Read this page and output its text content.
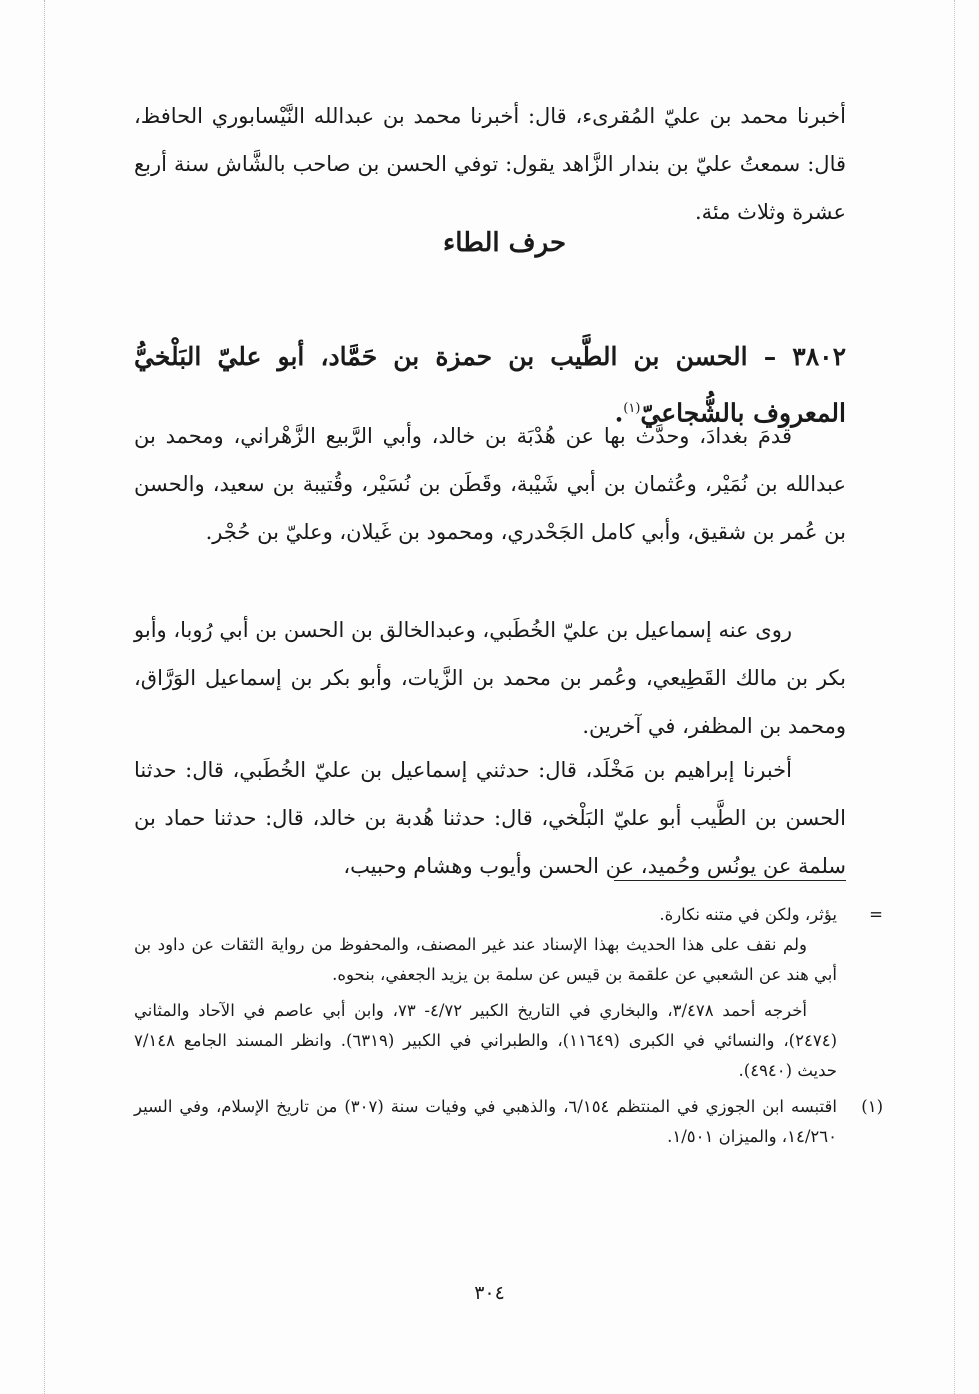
أخبرنا محمد بن عليّ المُقرىء، قال: أخبرنا محمد بن عبدالله النَّيْسابوري الحافظ، قال: سمعتُ عليّ بن بندار الزَّاهد يقول: توفي الحسن بن صاحب بالشَّاش سنة أربع عشرة وثلاث مئة.

حرف الطاء

٣٨٠٢ – الحسن بن الطَّيب بن حمزة بن حَمَّاد، أبو عليّ البَلْخيُّ المعروف بالشُّجاعيّ$^{(١)}$.

قدمَ بغدادَ، وحدَّث بها عن هُدْبَة بن خالد، وأبي الرَّبيع الزَّهْراني، ومحمد بن عبدالله بن نُمَيْر، وعُثمان بن أبي شَيْبة، وقَطَن بن نُسَيْر، وقُتيبة بن سعيد، والحسن بن عُمر بن شقيق، وأبي كامل الجَحْدري، ومحمود بن غَيلان، وعليّ بن حُجْر.

روى عنه إسماعيل بن عليّ الخُطَبي، وعبدالخالق بن الحسن بن أبي رُوبا، وأبو بكر بن مالك القَطِيعي، وعُمر بن محمد بن الزَّيات، وأبو بكر بن إسماعيل الوَرَّاق، ومحمد بن المظفر، في آخرين.

أخبرنا إبراهيم بن مَخْلَد، قال: حدثني إسماعيل بن عليّ الخُطَبي، قال: حدثنا الحسن بن الطَّيب أبو عليّ البَلْخي، قال: حدثنا هُدبة بن خالد، قال: حدثنا حماد بن سلمة عن يونُس وحُميد، عن الحسن وأيوب وهشام وحبيب،

=
يؤثر، ولكن في متنه نكارة.

ولم نقف على هذا الحديث بهذا الإسناد عند غير المصنف، والمحفوظ من رواية الثقات عن داود بن أبي هند عن الشعبي عن علقمة بن قيس عن سلمة بن يزيد الجعفي، بنحوه.

أخرجه أحمد ٣/٤٧٨، والبخاري في التاريخ الكبير ٤/٧٢- ٧٣، وابن أبي عاصم في الآحاد والمثاني (٢٤٧٤)، والنسائي في الكبرى (١١٦٤٩)، والطبراني في الكبير (٦٣١٩). وانظر المسند الجامع ٧/١٤٨ حديث (٤٩٤٠).

(١)
اقتبسه ابن الجوزي في المنتظم ٦/١٥٤، والذهبي في وفيات سنة (٣٠٧) من تاريخ الإسلام، وفي السير ١٤/٢٦٠، والميزان ١/٥٠١.

٣٠٤
